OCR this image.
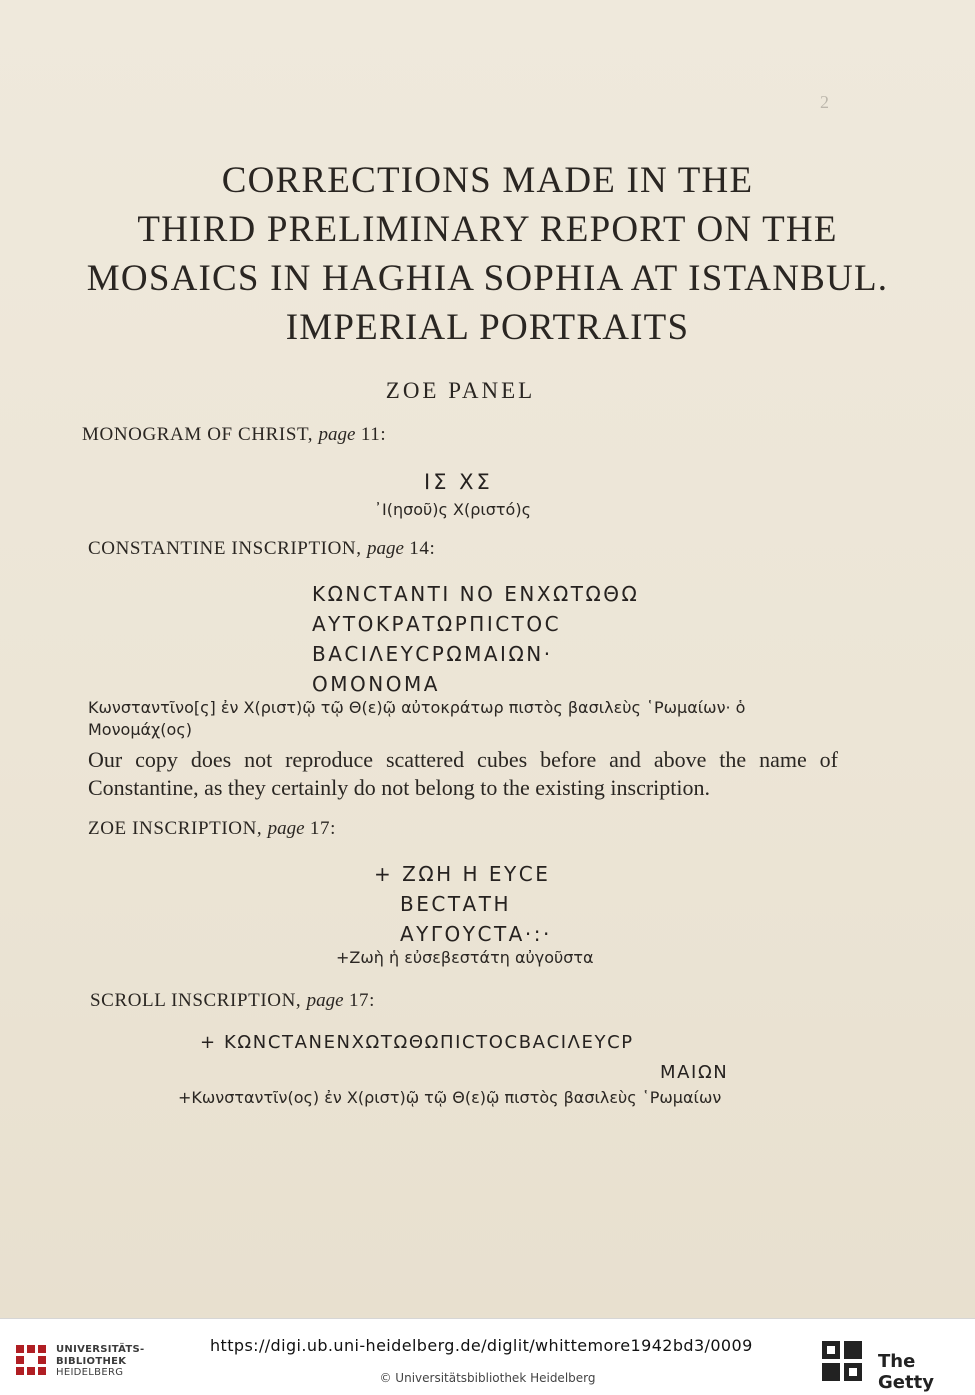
2
CORRECTIONS MADE IN THE
THIRD PRELIMINARY REPORT ON THE
MOSAICS IN HAGHIA SOPHIA AT ISTANBUL.
IMPERIAL PORTRAITS
ZOE PANEL
MONOGRAM OF CHRIST, page 11:
ΙΣ ΧΣ
᾿Ι(ησοῦ)ς Χ(ριστό)ς
CONSTANTINE INSCRIPTION, page 14:
ΚΩΝCΤΑΝΤΙ ΝΟ ΕΝΧΩΤΩΘΩ
ΑΥΤΟΚΡΑΤΩΡΠΙCΤΟC
ΒΑCΙΛΕΥCΡΩΜΑΙΩΝ·
ΟΜΟΝΟΜΑ
Κωνσταντῖνο[ς] ἐν Χ(ριστ)ῷ τῷ Θ(ε)ῷ αὐτοκράτωρ πιστὸς βασιλεὺς ῾Ρωμαίων· ὁ
Μονομάχ(ος)
Our copy does not reproduce scattered cubes before and above the name of Constantine, as they certainly do not belong to the existing inscription.
ZOE INSCRIPTION, page 17:
+ ΖΩΗ Η ΕΥCΕ
ΒΕCΤΑΤΗ
ΑΥΓΟΥCΤΑ·:·
+Ζωὴ ἡ εὐσεβεστάτη αὐγοῦστα
SCROLL INSCRIPTION, page 17:
+ ΚΩΝCΤΑΝΕΝΧΩΤΩΘΩΠΙCΤΟCΒΑCΙΛΕΥCΡ
ΜΑΙΩΝ
+Κωνσταντῖν(ος) ἐν Χ(ριστ)ῷ τῷ Θ(ε)ῷ πιστὸς βασιλεὺς ῾Ρωμαίων
UNIVERSITÄTS-
BIBLIOTHEK
HEIDELBERG
https://digi.ub.uni-heidelberg.de/diglit/whittemore1942bd3/0009
© Universitätsbibliothek Heidelberg
The Getty
